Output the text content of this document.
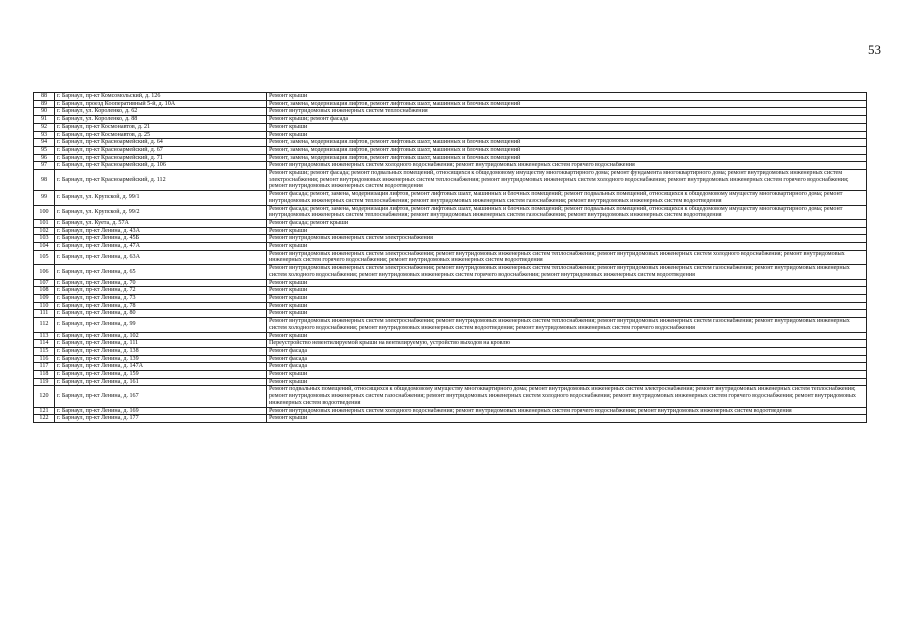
53
88	г. Барнаул, пр-кт Комсомольский, д. 126	Ремонт крыши
89	г. Барнаул, проезд Кооперативный 5-й, д. 10А	Ремонт, замена, модернизация лифтов, ремонт лифтовых шахт, машинных и блочных помещений
90	г. Барнаул, ул. Короленко, д. 62	Ремонт внутридомовых инженерных систем теплоснабжения
91	г. Барнаул, ул. Короленко, д. 88	Ремонт крыши; ремонт фасада
92	г. Барнаул, пр-кт Космонавтов, д. 21	Ремонт крыши
93	г. Барнаул, пр-кт Космонавтов, д. 25	Ремонт крыши
94	г. Барнаул, пр-кт Красноармейский, д. 64	Ремонт, замена, модернизация лифтов, ремонт лифтовых шахт, машинных и блочных помещений
95	г. Барнаул, пр-кт Красноармейский, д. 67	Ремонт, замена, модернизация лифтов, ремонт лифтовых шахт, машинных и блочных помещений
96	г. Барнаул, пр-кт Красноармейский, д. 71	Ремонт, замена, модернизация лифтов, ремонт лифтовых шахт, машинных и блочных помещений
97	г. Барнаул, пр-кт Красноармейский, д. 106	Ремонт внутридомовых инженерных систем холодного водоснабжения; ремонт внутридомовых инженерных систем горячего водоснабжения
98	г. Барнаул, пр-кт Красноармейский, д. 112	Ремонт крыши; ремонт фасада; ремонт подвальных помещений, относящихся к общедомовому имуществу многоквартирного дома; ремонт фундамента многоквартирного дома; ремонт внутридомовых инженерных систем электроснабжения; ремонт внутридомовых инженерных систем теплоснабжения; ремонт внутридомовых инженерных систем холодного водоснабжения; ремонт внутридомовых инженерных систем горячего водоснабжения; ремонт внутридомовых инженерных систем водоотведения
99	г. Барнаул, ул. Крупской, д. 99/1	Ремонт фасада; ремонт, замена, модернизация лифтов, ремонт лифтовых шахт, машинных и блочных помещений; ремонт подвальных помещений, относящихся к общедомовому имуществу многоквартирного дома; ремонт внутридомовых инженерных систем теплоснабжения; ремонт внутридомовых инженерных систем газоснабжения; ремонт внутридомовых инженерных систем водоотведения
100	г. Барнаул, ул. Крупской, д. 99/2	Ремонт фасада; ремонт, замена, модернизация лифтов, ремонт лифтовых шахт, машинных и блочных помещений; ремонт подвальных помещений, относящихся к общедомовому имуществу многоквартирного дома; ремонт внутридомовых инженерных систем теплоснабжения; ремонт внутридомовых инженерных систем газоснабжения; ремонт внутридомовых инженерных систем водоотведения
101	г. Барнаул, ул. Куета, д. 57А	Ремонт фасада; ремонт крыши
102	г. Барнаул, пр-кт Ленина, д. 43А	Ремонт крыши
103	г. Барнаул, пр-кт Ленина, д. 45Б	Ремонт внутридомовых инженерных систем электроснабжения
104	г. Барнаул, пр-кт Ленина, д. 47А	Ремонт крыши
105	г. Барнаул, пр-кт Ленина, д. 63А	Ремонт внутридомовых инженерных систем электроснабжения; ремонт внутридомовых инженерных систем теплоснабжения; ремонт внутридомовых инженерных систем холодного водоснабжения; ремонт внутридомовых инженерных систем горячего водоснабжения; ремонт внутридомовых инженерных систем водоотведения
106	г. Барнаул, пр-кт Ленина, д. 65	Ремонт внутридомовых инженерных систем электроснабжения; ремонт внутридомовых инженерных систем теплоснабжения; ремонт внутридомовых инженерных систем газоснабжения; ремонт внутридомовых инженерных систем холодного водоснабжения; ремонт внутридомовых инженерных систем горячего водоснабжения; ремонт внутридомовых инженерных систем водоотведения
107	г. Барнаул, пр-кт Ленина, д. 70	Ремонт крыши
108	г. Барнаул, пр-кт Ленина, д. 72	Ремонт крыши
109	г. Барнаул, пр-кт Ленина, д. 73	Ремонт крыши
110	г. Барнаул, пр-кт Ленина, д. 78	Ремонт крыши
111	г. Барнаул, пр-кт Ленина, д. 80	Ремонт крыши
112	г. Барнаул, пр-кт Ленина, д. 99	Ремонт внутридомовых инженерных систем электроснабжения; ремонт внутридомовых инженерных систем теплоснабжения; ремонт внутридомовых инженерных систем газоснабжения; ремонт внутридомовых инженерных систем холодного водоснабжения; ремонт внутридомовых инженерных систем водоотведения; ремонт внутридомовых инженерных систем горячего водоснабжения
113	г. Барнаул, пр-кт Ленина, д. 102	Ремонт крыши
114	г. Барнаул, пр-кт Ленина, д. 111	Переустройство невентилируемой крыши на вентилируемую, устройство выходов на кровлю
115	г. Барнаул, пр-кт Ленина, д. 138	Ремонт фасада
116	г. Барнаул, пр-кт Ленина, д. 139	Ремонт фасада
117	г. Барнаул, пр-кт Ленина, д. 147А	Ремонт фасада
118	г. Барнаул, пр-кт Ленина, д. 159	Ремонт крыши
119	г. Барнаул, пр-кт Ленина, д. 161	Ремонт крыши
120	г. Барнаул, пр-кт Ленина, д. 167	Ремонт подвальных помещений, относящихся к общедомовому имуществу многоквартирного дома; ремонт внутридомовых инженерных систем электроснабжения; ремонт внутридомовых инженерных систем теплоснабжения; ремонт внутридомовых инженерных систем газоснабжения; ремонт внутридомовых инженерных систем холодного водоснабжения; ремонт внутридомовых инженерных систем горячего водоснабжения; ремонт внутридомовых инженерных систем водоотведения
121	г. Барнаул, пр-кт Ленина, д. 169	Ремонт внутридомовых инженерных систем холодного водоснабжения; ремонт внутридомовых инженерных систем горячего водоснабжения; ремонт внутридомовых инженерных систем водоотведения
122	г. Барнаул, пр-кт Ленина, д. 177	Ремонт крыши
